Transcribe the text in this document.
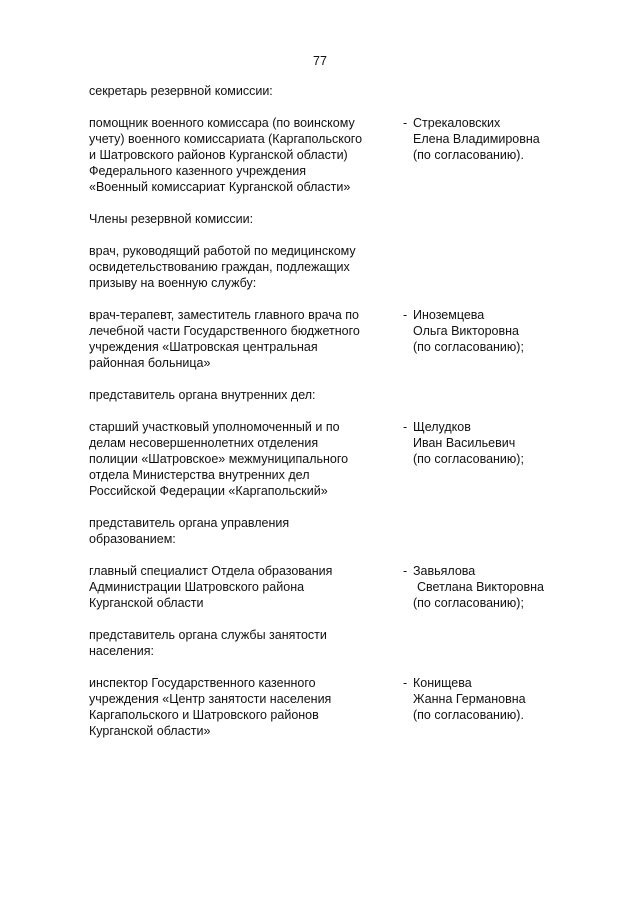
77
секретарь резервной комиссии:
помощник военного комиссара (по воинскому
учету) военного комиссариата (Каргапольского
и Шатровского районов Курганской области)
Федерального казенного учреждения
«Военный комиссариат Курганской области»
- Стрекаловских
Елена Владимировна
(по согласованию).
Члены резервной комиссии:
врач, руководящий работой по медицинскому
освидетельствованию граждан, подлежащих
призыву на военную службу:
врач-терапевт, заместитель главного врача по
лечебной части Государственного бюджетного
учреждения «Шатровская центральная
районная больница»
- Иноземцева
Ольга Викторовна
(по согласованию);
представитель органа внутренних дел:
старший участковый уполномоченный и по
делам несовершеннолетних отделения
полиции «Шатровское» межмуниципального
отдела Министерства внутренних дел
Российской Федерации «Каргапольский»
- Щелудков
Иван Васильевич
(по согласованию);
представитель органа управления
образованием:
главный специалист Отдела образования
Администрации Шатровского района
Курганской области
- Завьялова
Светлана Викторовна
(по согласованию);
представитель органа службы занятости
населения:
инспектор Государственного казенного
учреждения «Центр занятости населения
Каргапольского и Шатровского районов
Курганской области»
- Конищева
Жанна Германовна
(по согласованию).
